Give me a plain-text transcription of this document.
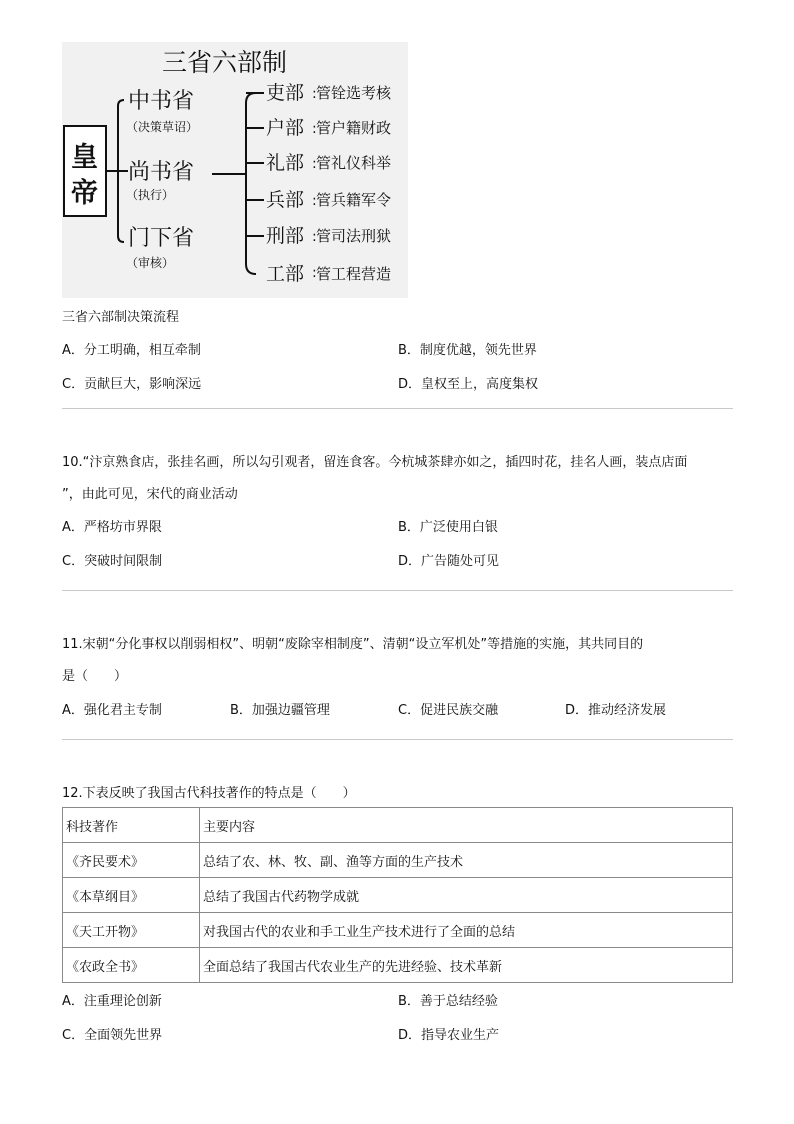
三省六部制
皇
帝
中书省
（决策草诏）
尚书省
（执行）
门下省
（审核）
吏部 管铨选考核
户部 管户籍财政
礼部 管礼仪科举
兵部 管兵籍军令
刑部 管司法刑狱
工部 管工程营造
:
:
:
:
:
:
三省六部制决策流程
A．分工明确，相互牵制	B．制度优越，领先世界
C．贡献巨大，影响深远	D．皇权至上，高度集权
10.“汴京熟食店，张挂名画，所以勾引观者，留连食客。今杭城茶肆亦如之，插四时花，挂名人画，装点店面
”，由此可见，宋代的商业活动
A．严格坊市界限	B．广泛使用白银
C．突破时间限制	D．广告随处可见
11.宋朝“分化事权以削弱相权”、明朝“废除宰相制度”、清朝“设立军机处”等措施的实施，其共同目的
是（　　）
A．强化君主专制	B．加强边疆管理	C．促进民族交融	D．推动经济发展
12.下表反映了我国古代科技著作的特点是（　　）
科技著作	主要内容
《齐民要术》	总结了农、林、牧、副、渔等方面的生产技术
《本草纲目》	总结了我国古代药物学成就
《天工开物》	对我国古代的农业和手工业生产技术进行了全面的总结
《农政全书》	全面总结了我国古代农业生产的先进经验、技术革新
A．注重理论创新	B．善于总结经验
C．全面领先世界	D．指导农业生产
